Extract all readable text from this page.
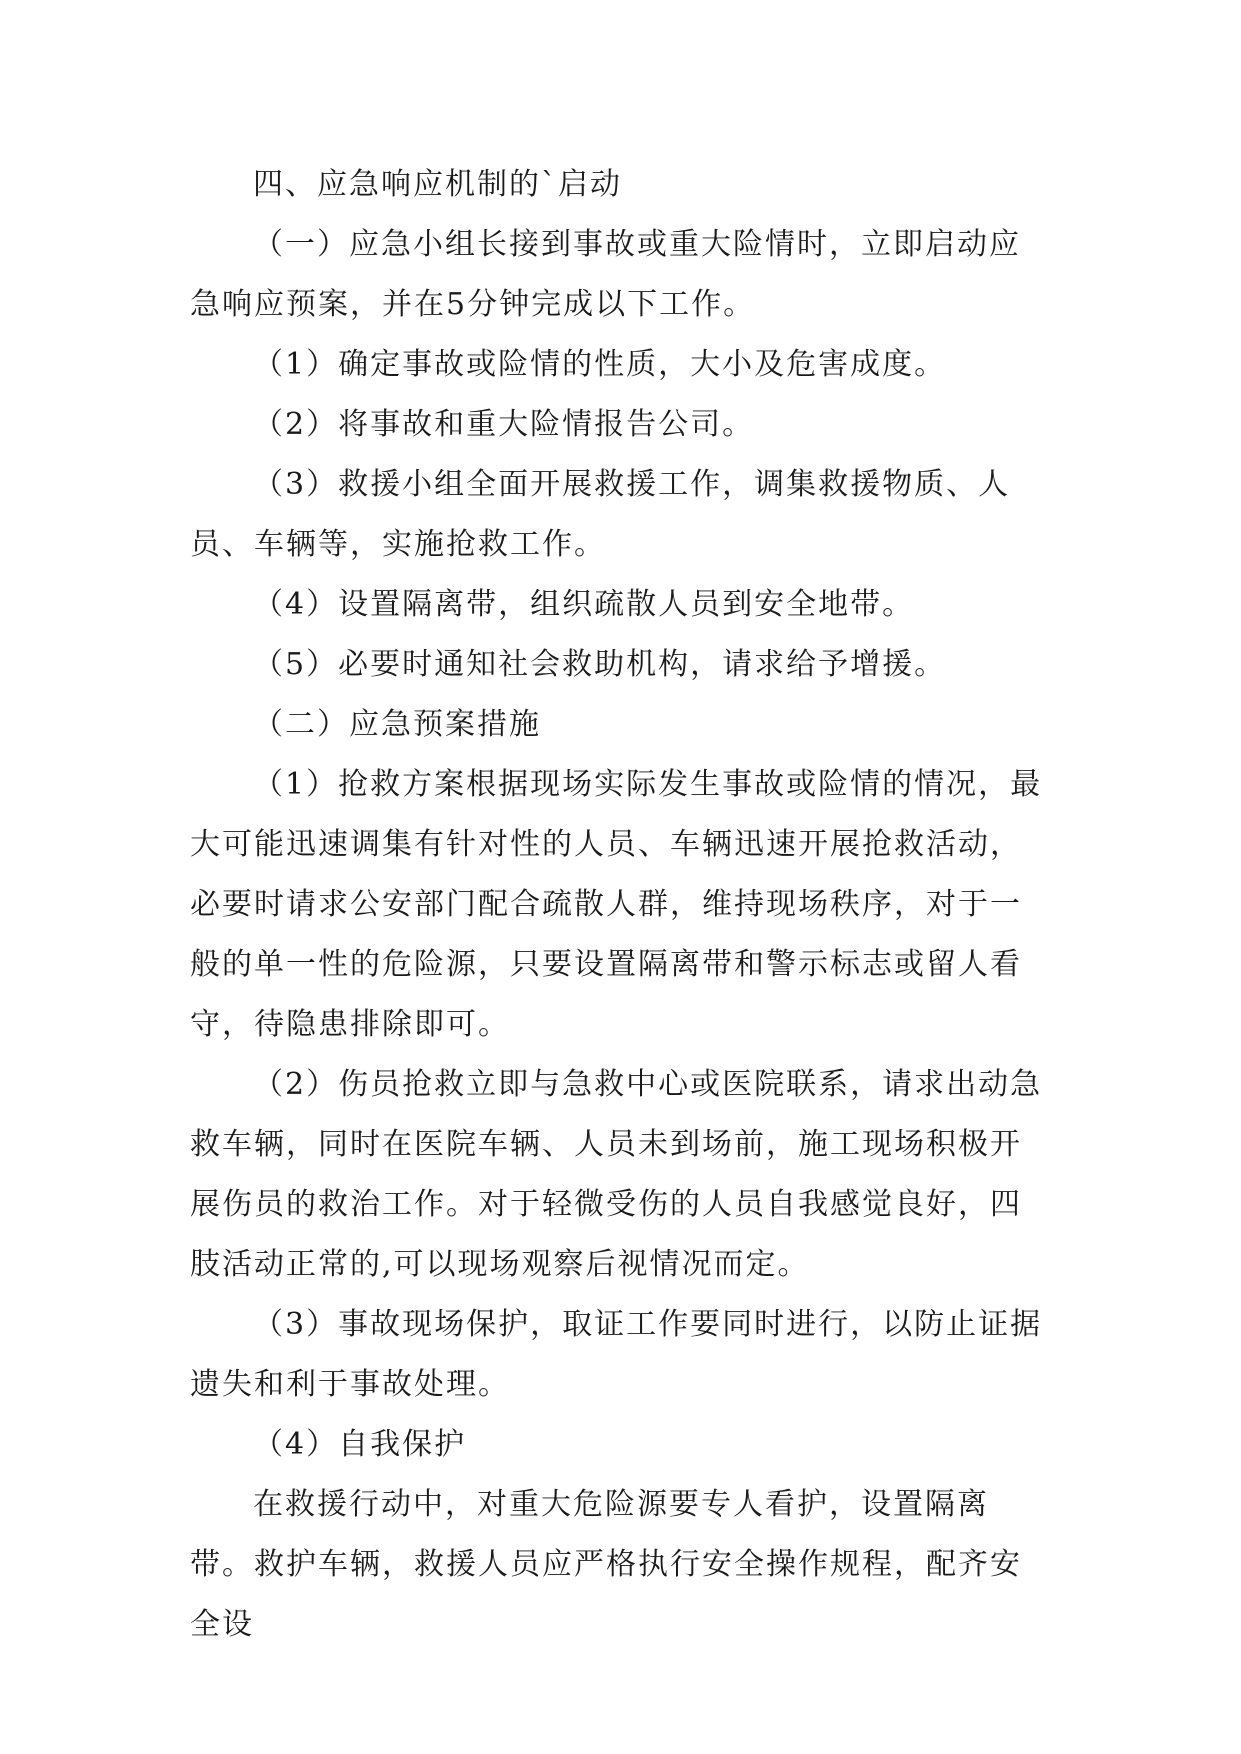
四、应急响应机制的`启动

（一）应急小组长接到事故或重大险情时，立即启动应急响应预案，并在5分钟完成以下工作。

（1）确定事故或险情的性质，大小及危害成度。

（2）将事故和重大险情报告公司。

（3）救援小组全面开展救援工作，调集救援物质、人员、车辆等，实施抢救工作。

（4）设置隔离带，组织疏散人员到安全地带。

（5）必要时通知社会救助机构，请求给予增援。

（二）应急预案措施

（1）抢救方案根据现场实际发生事故或险情的情况，最大可能迅速调集有针对性的人员、车辆迅速开展抢救活动，必要时请求公安部门配合疏散人群，维持现场秩序，对于一般的单一性的危险源，只要设置隔离带和警示标志或留人看守，待隐患排除即可。

（2）伤员抢救立即与急救中心或医院联系，请求出动急救车辆，同时在医院车辆、人员未到场前，施工现场积极开展伤员的救治工作。对于轻微受伤的人员自我感觉良好，四肢活动正常的,可以现场观察后视情况而定。

（3）事故现场保护，取证工作要同时进行，以防止证据遗失和利于事故处理。

（4）自我保护

在救援行动中，对重大危险源要专人看护，设置隔离带。救护车辆，救援人员应严格执行安全操作规程，配齐安全设
